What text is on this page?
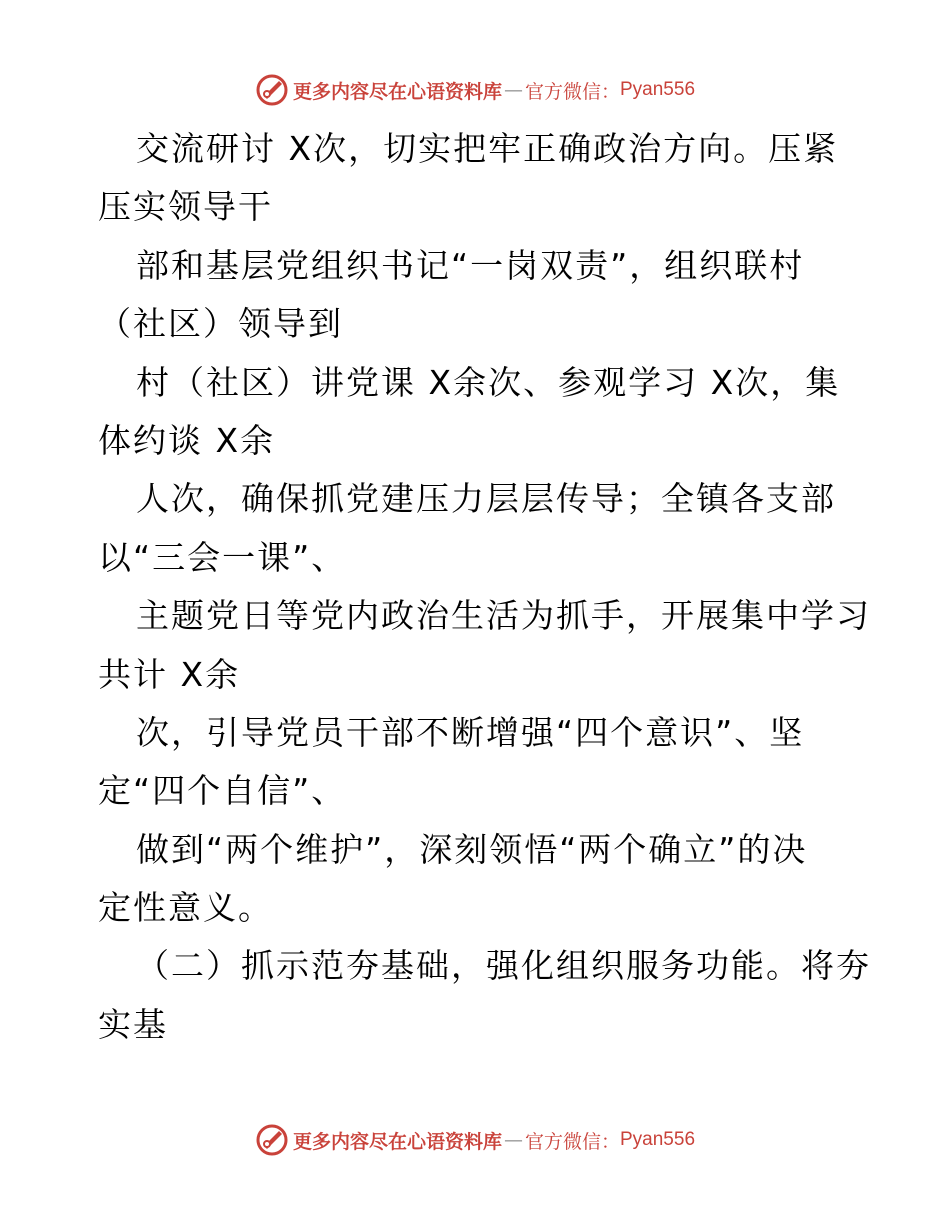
更多内容尽在心语资料库 — 官方微信： Pyan556
交流研讨 X次，切实把牢正确政治方向。压紧
压实领导干
部和基层党组织书记“一岗双责”，组织联村
（社区）领导到
村（社区）讲党课 X余次、参观学习 X次，集
体约谈 X余
人次，确保抓党建压力层层传导；全镇各支部
以“三会一课”、
主题党日等党内政治生活为抓手，开展集中学习
共计 X余
次，引导党员干部不断增强“四个意识”、坚
定“四个自信”、
做到“两个维护”，深刻领悟“两个确立”的决
定性意义。
（二）抓示范夯基础，强化组织服务功能。将夯
实基
更多内容尽在心语资料库 — 官方微信： Pyan556
